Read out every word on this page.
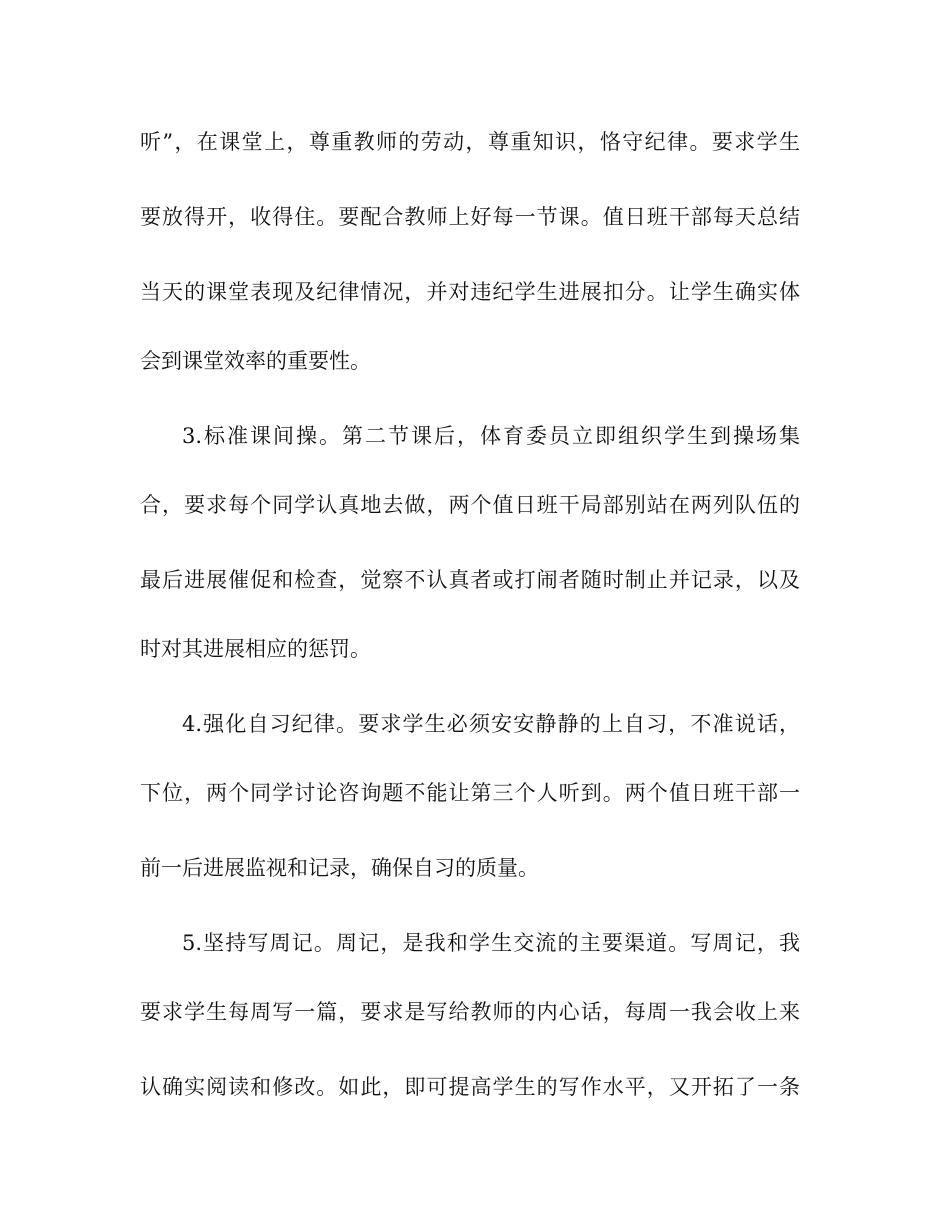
听”，在课堂上，尊重教师的劳动，尊重知识，恪守纪律。要求学生
要放得开，收得住。要配合教师上好每一节课。值日班干部每天总结
当天的课堂表现及纪律情况，并对违纪学生进展扣分。让学生确实体
会到课堂效率的重要性。
3.标准课间操。第二节课后，体育委员立即组织学生到操场集
合，要求每个同学认真地去做，两个值日班干局部别站在两列队伍的
最后进展催促和检查，觉察不认真者或打闹者随时制止并记录，以及
时对其进展相应的惩罚。
4.强化自习纪律。要求学生必须安安静静的上自习，不准说话，
下位，两个同学讨论咨询题不能让第三个人听到。两个值日班干部一
前一后进展监视和记录，确保自习的质量。
5.坚持写周记。周记，是我和学生交流的主要渠道。写周记，我
要求学生每周写一篇，要求是写给教师的内心话，每周一我会收上来
认确实阅读和修改。如此，即可提高学生的写作水平，又开拓了一条
